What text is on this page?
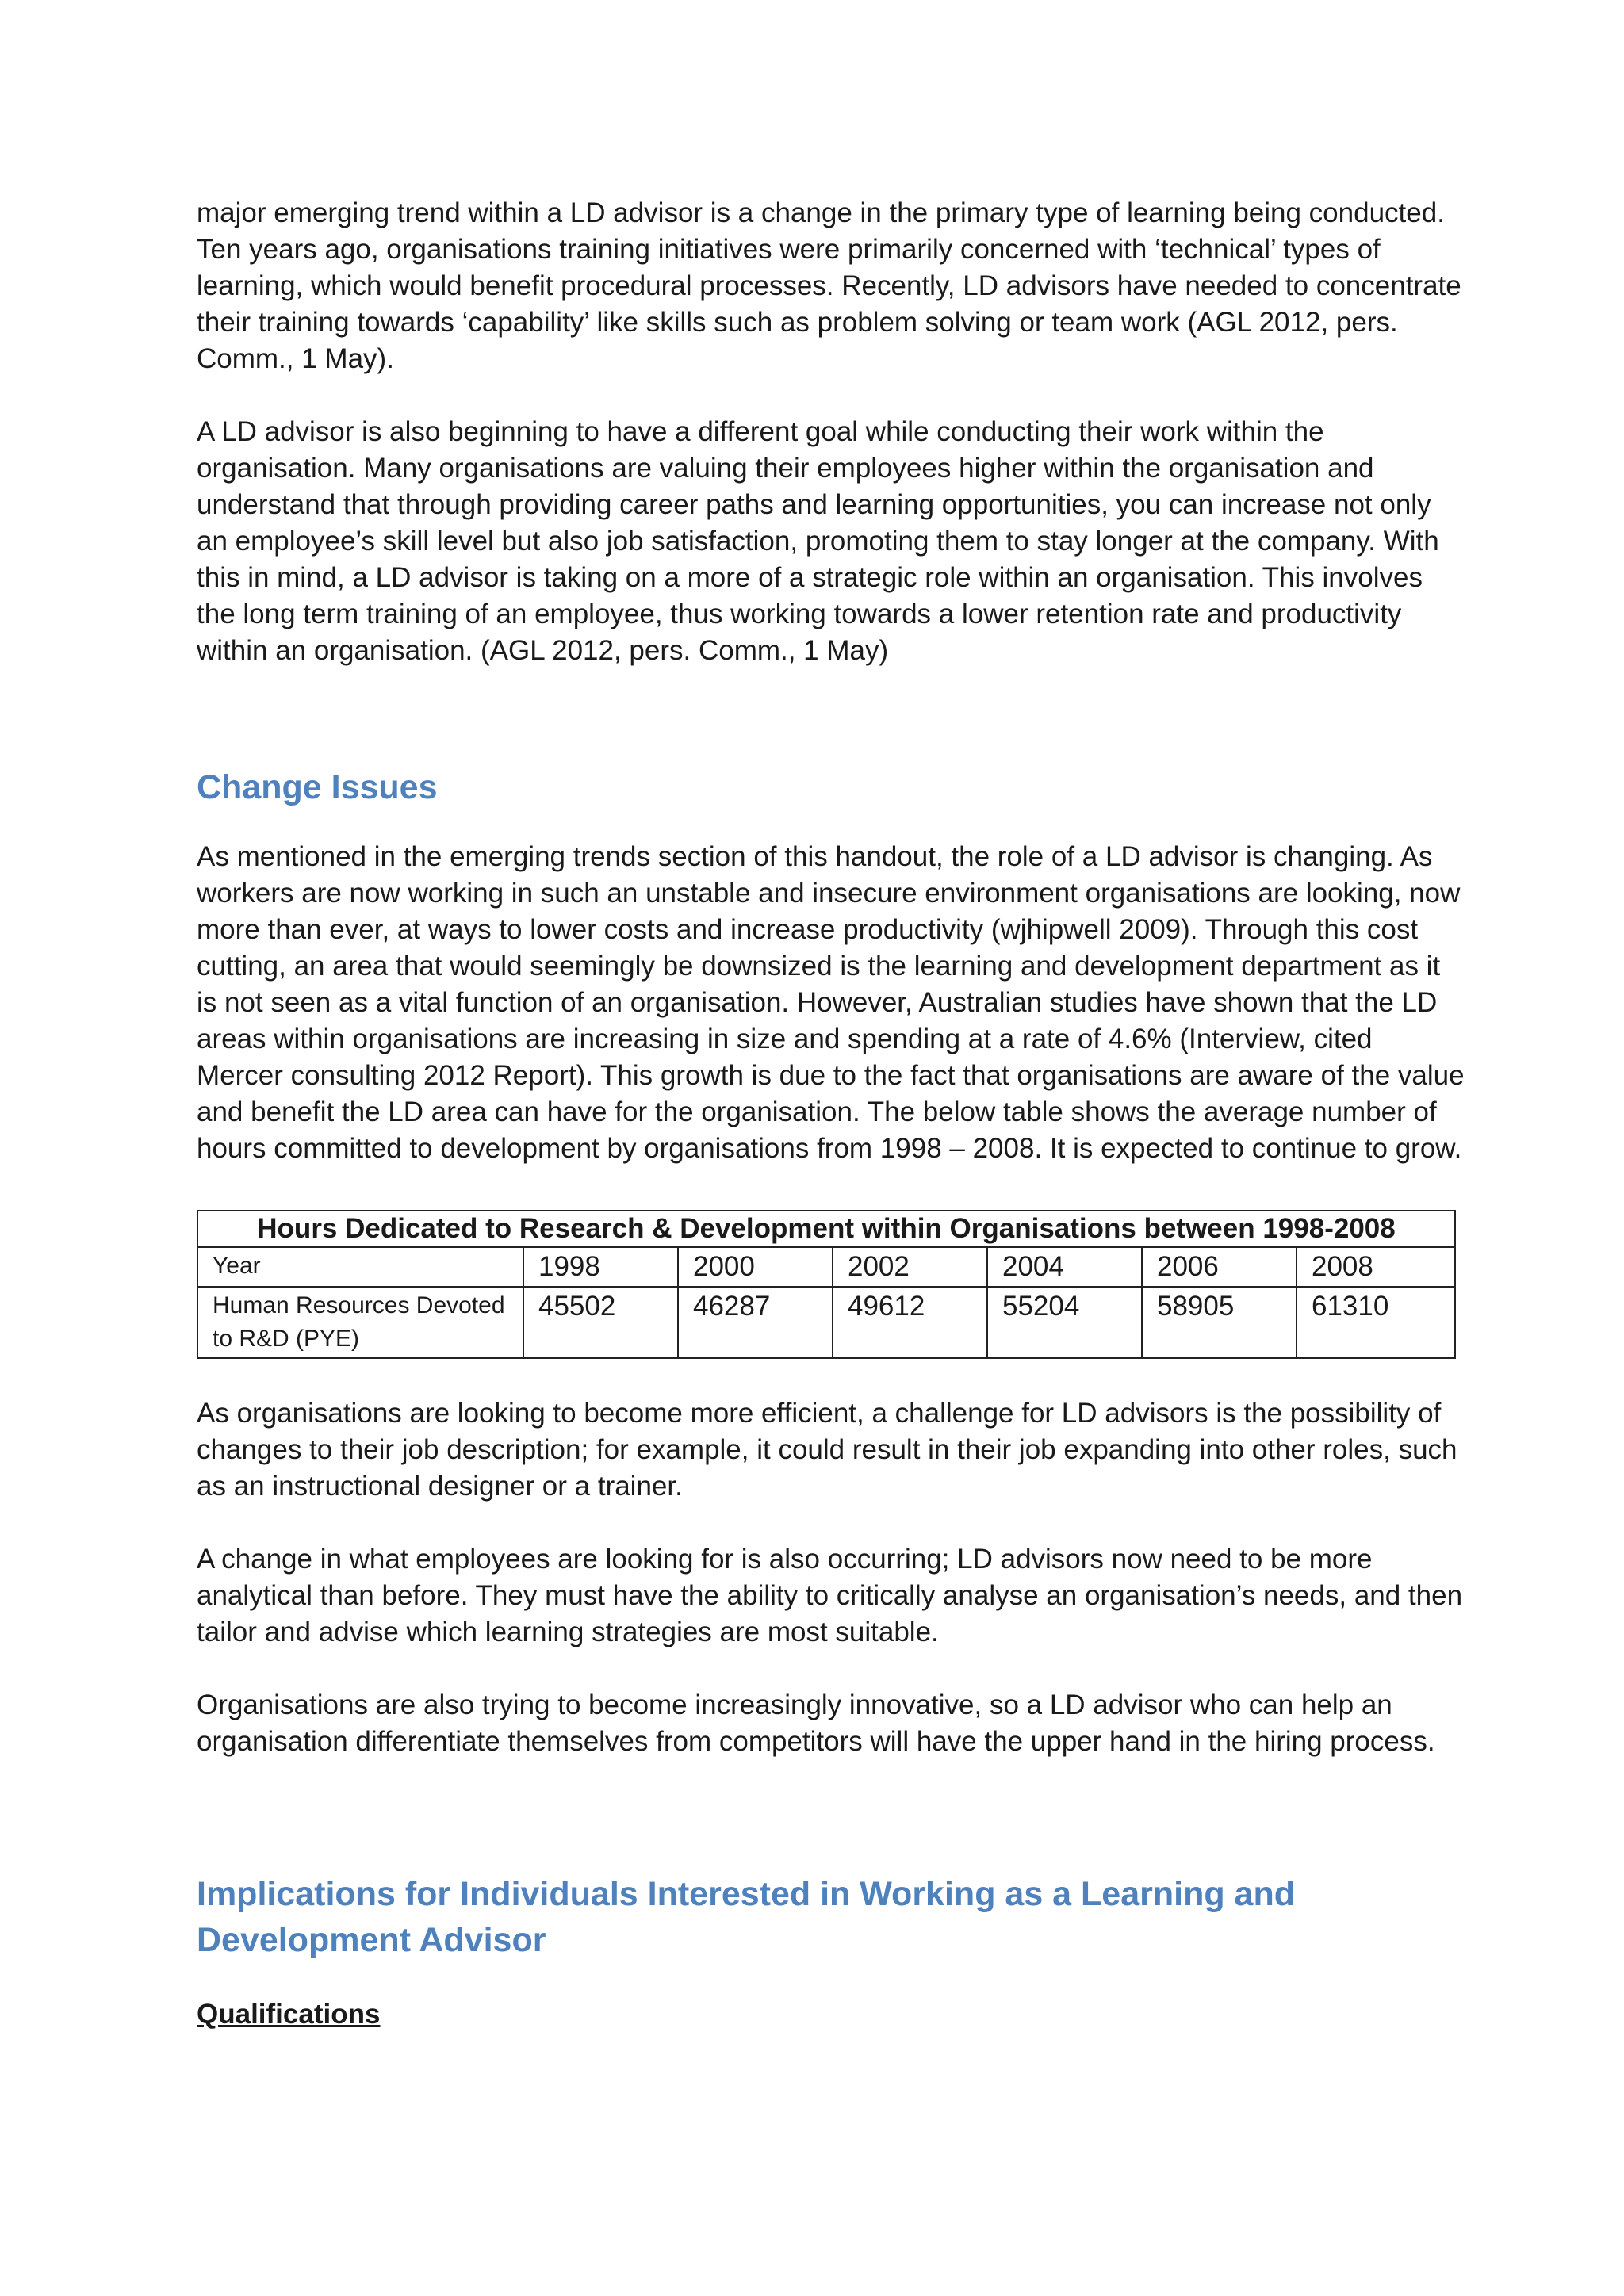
major emerging trend within a LD advisor is a change in the primary type of learning being conducted. Ten years ago, organisations training initiatives were primarily concerned with ‘technical’ types of learning, which would benefit procedural processes. Recently, LD advisors have needed to concentrate their training towards ‘capability’ like skills such as problem solving or team work (AGL 2012, pers. Comm., 1 May).

A LD advisor is also beginning to have a different goal while conducting their work within the organisation. Many organisations are valuing their employees higher within the organisation and understand that through providing career paths and learning opportunities, you can increase not only an employee’s skill level but also job satisfaction, promoting them to stay longer at the company. With this in mind, a LD advisor is taking on a more of a strategic role within an organisation. This involves the long term training of an employee, thus working towards a lower retention rate and productivity within an organisation. (AGL 2012, pers. Comm., 1 May)

Change Issues

As mentioned in the emerging trends section of this handout, the role of a LD advisor is changing. As workers are now working in such an unstable and insecure environment organisations are looking, now more than ever, at ways to lower costs and increase productivity (wjhipwell 2009). Through this cost cutting, an area that would seemingly be downsized is the learning and development department as it is not seen as a vital function of an organisation. However, Australian studies have shown that the LD areas within organisations are increasing in size and spending at a rate of 4.6% (Interview, cited Mercer consulting 2012 Report). This growth is due to the fact that organisations are aware of the value and benefit the LD area can have for the organisation. The below table shows the average number of hours committed to development by organisations from 1998 – 2008. It is expected to continue to grow.

Hours Dedicated to Research & Development within Organisations between 1998-2008						
Year	1998	2000	2002	2004	2006	2008
Human Resources Devoted to R&D (PYE)	45502	46287	49612	55204	58905	61310

As organisations are looking to become more efficient, a challenge for LD advisors is the possibility of changes to their job description; for example, it could result in their job expanding into other roles, such as an instructional designer or a trainer.

A change in what employees are looking for is also occurring; LD advisors now need to be more analytical than before. They must have the ability to critically analyse an organisation’s needs, and then tailor and advise which learning strategies are most suitable.

Organisations are also trying to become increasingly innovative, so a LD advisor who can help an organisation differentiate themselves from competitors will have the upper hand in the hiring process.

Implications for Individuals Interested in Working as a Learning and Development Advisor
Qualifications
